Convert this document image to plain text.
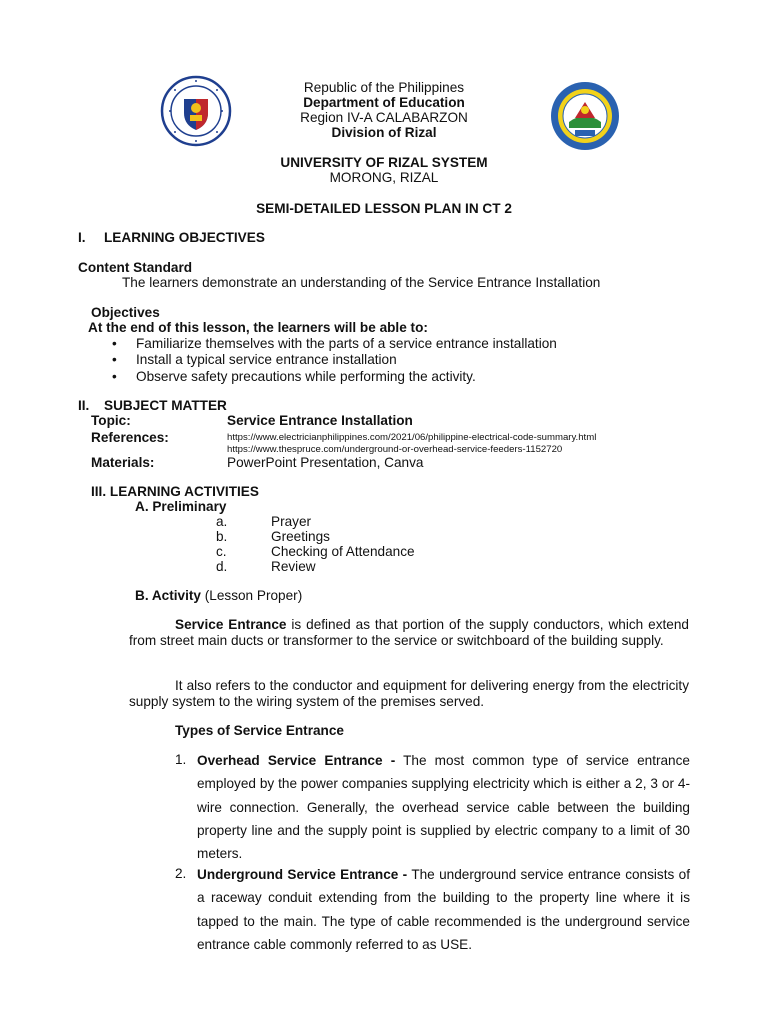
Republic of the Philippines
Department of Education
Region IV-A CALABARZON
Division of Rizal
UNIVERSITY OF RIZAL SYSTEM
MORONG, RIZAL
SEMI-DETAILED LESSON PLAN IN CT 2
I. LEARNING OBJECTIVES
Content Standard
The learners demonstrate an understanding of the Service Entrance Installation
Objectives
At the end of this lesson, the learners will be able to:
• Familiarize themselves with the parts of a service entrance installation
• Install a typical service entrance installation
• Observe safety precautions while performing the activity.
II. SUBJECT MATTER
Topic:	Service Entrance Installation
References:	https://www.electricianphilippines.com/2021/06/philippine-electrical-code-summary.html
https://www.thespruce.com/underground-or-overhead-service-feeders-1152720
Materials:	PowerPoint Presentation, Canva
III. LEARNING ACTIVITIES
A. Preliminary
a.	Prayer
b.	Greetings
c.	Checking of Attendance
d.	Review
B. Activity (Lesson Proper)
Service Entrance is defined as that portion of the supply conductors, which extend from street main ducts or transformer to the service or switchboard of the building supply.
It also refers to the conductor and equipment for delivering energy from the electricity supply system to the wiring system of the premises served.
Types of Service Entrance
1. Overhead Service Entrance - The most common type of service entrance employed by the power companies supplying electricity which is either a 2, 3 or 4-wire connection. Generally, the overhead service cable between the building property line and the supply point is supplied by electric company to a limit of 30 meters.
2. Underground Service Entrance - The underground service entrance consists of a raceway conduit extending from the building to the property line where it is tapped to the main. The type of cable recommended is the underground service entrance cable commonly referred to as USE.
